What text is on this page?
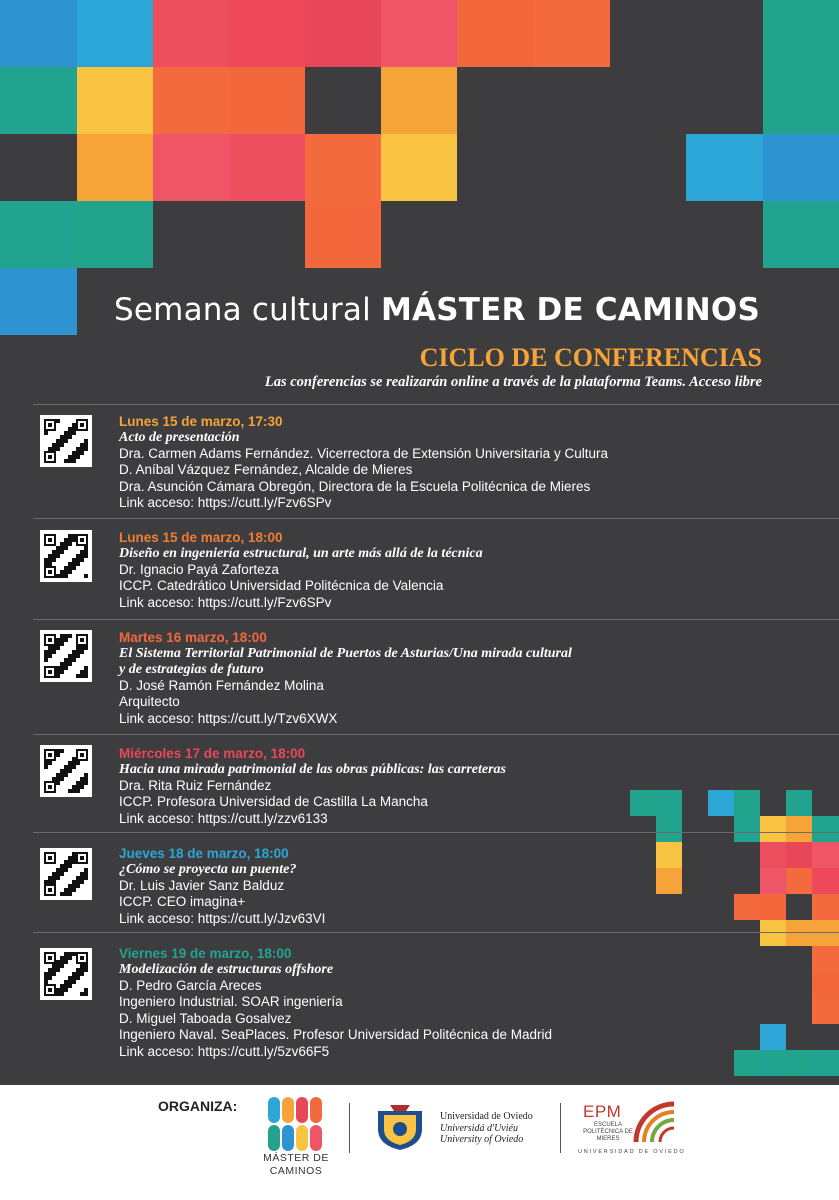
Semana cultural MÁSTER DE CAMINOS
CICLO DE CONFERENCIAS
Las conferencias se realizarán online a través de la plataforma Teams. Acceso libre
Lunes 15 de marzo, 17:30
Acto de presentación
Dra. Carmen Adams Fernández. Vicerrectora de Extensión Universitaria y Cultura
D. Aníbal Vázquez Fernández, Alcalde de Mieres
Dra. Asunción Cámara Obregón, Directora de la Escuela Politécnica de Mieres
Link acceso: https://cutt.ly/Fzv6SPv
Lunes 15 de marzo, 18:00
Diseño en ingeniería estructural, un arte más allá de la técnica
Dr. Ignacio Payá Zaforteza
ICCP. Catedrático Universidad Politécnica de Valencia
Link acceso: https://cutt.ly/Fzv6SPv
Martes 16 marzo, 18:00
El Sistema Territorial Patrimonial de Puertos de Asturias/Una mirada cultural
y de estrategias de futuro
D. José Ramón Fernández Molina
Arquitecto
Link acceso: https://cutt.ly/Tzv6XWX
Miércoles 17 de marzo, 18:00
Hacia una mirada patrimonial de las obras públicas: las carreteras
Dra. Rita Ruiz Fernández
ICCP. Profesora Universidad de Castilla La Mancha
Link acceso: https://cutt.ly/zzv6133
Jueves 18 de marzo, 18:00
¿Cómo se proyecta un puente?
Dr. Luis Javier Sanz Balduz
ICCP. CEO imagina+
Link acceso: https://cutt.ly/Jzv63VI
Viernes 19 de marzo, 18:00
Modelización de estructuras offshore
D. Pedro García Areces
Ingeniero Industrial. SOAR ingeniería
D. Miguel Taboada Gosalvez
Ingeniero Naval. SeaPlaces. Profesor Universidad Politécnica de Madrid
Link acceso: https://cutt.ly/5zv66F5
ORGANIZA:
MÁSTER DE
CAMINOS
Universidad de Oviedo
Universidá d'Uviéu
University of Oviedo
EPM
ESCUELA
POLITÉCNICA DE
MIERES
UNIVERSIDAD DE OVIEDO
